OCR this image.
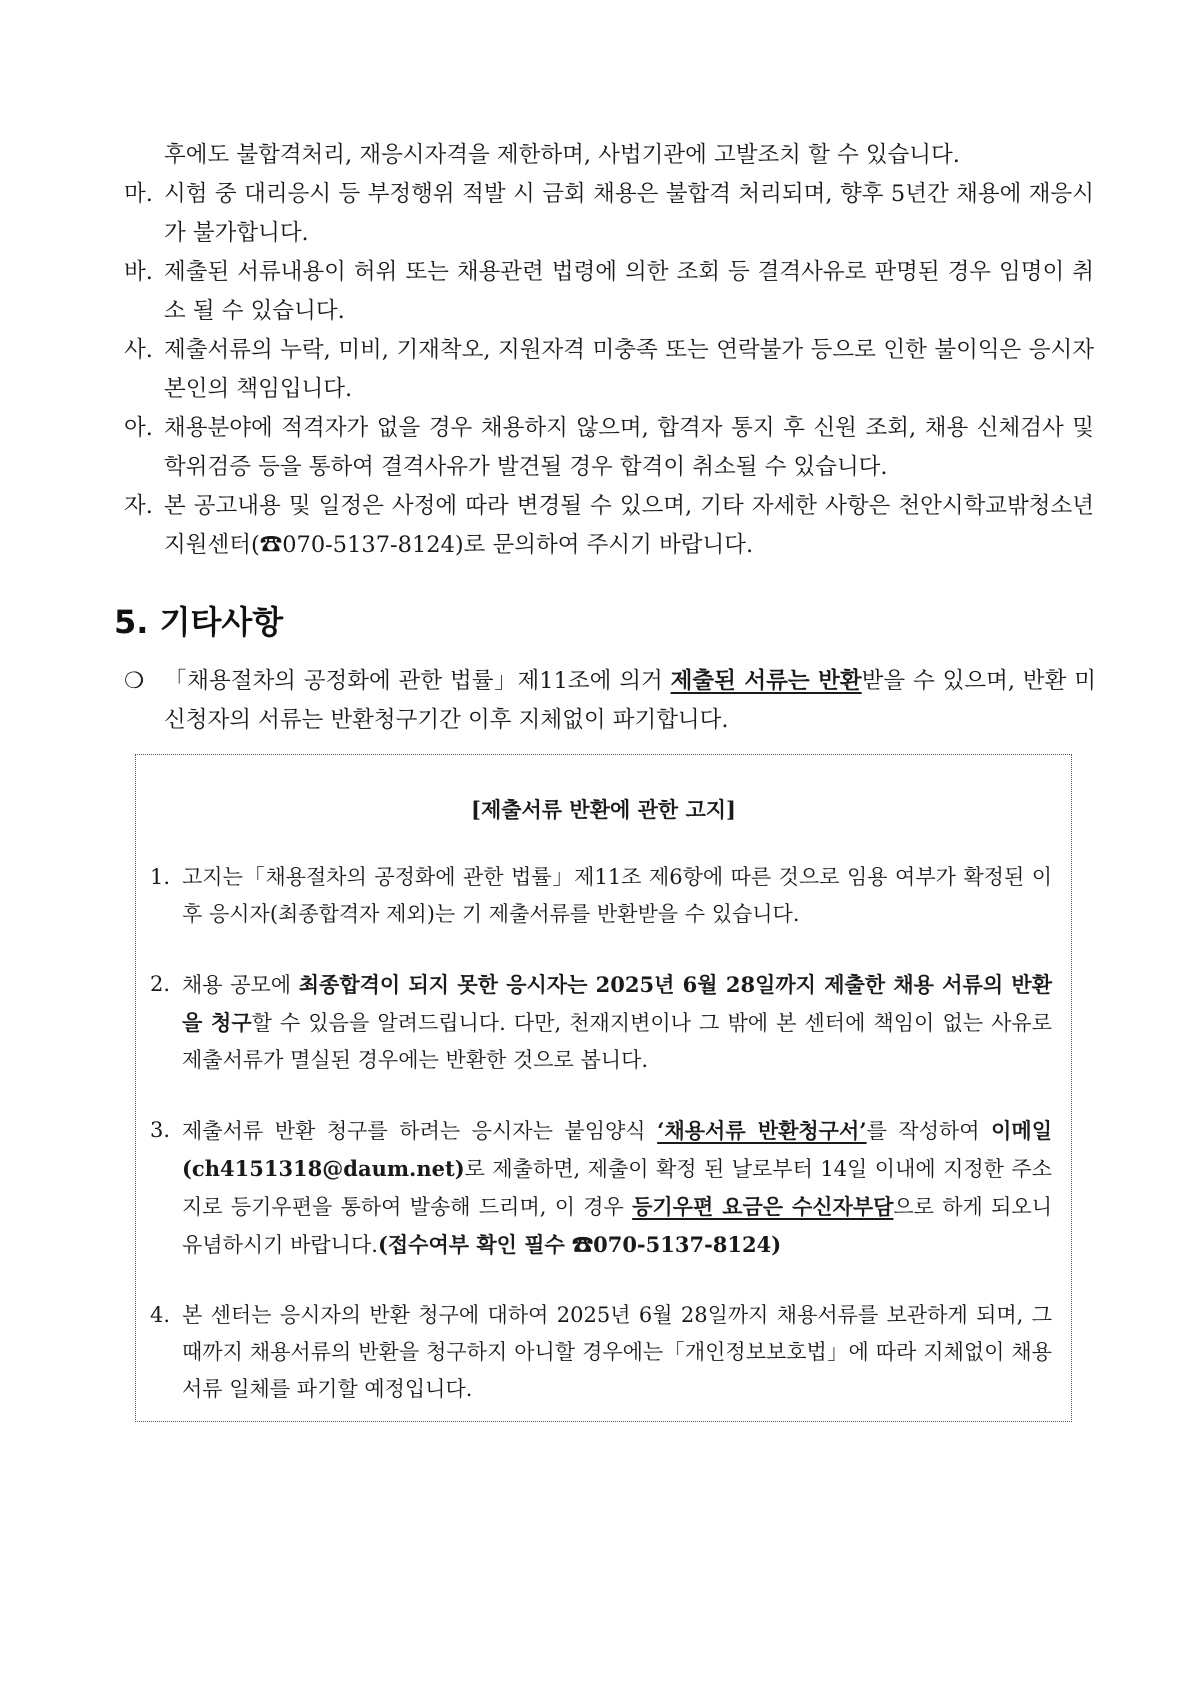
후에도 불합격처리, 재응시자격을 제한하며, 사법기관에 고발조치 할 수 있습니다.
마. 시험 중 대리응시 등 부정행위 적발 시 금회 채용은 불합격 처리되며, 향후 5년간 채용에 재응시가 불가합니다.
바. 제출된 서류내용이 허위 또는 채용관련 법령에 의한 조회 등 결격사유로 판명된 경우 임명이 취소 될 수 있습니다.
사. 제출서류의 누락, 미비, 기재착오, 지원자격 미충족 또는 연락불가 등으로 인한 불이익은 응시자 본인의 책임입니다.
아. 채용분야에 적격자가 없을 경우 채용하지 않으며, 합격자 통지 후 신원 조회, 채용 신체검사 및 학위검증 등을 통하여 결격사유가 발견될 경우 합격이 취소될 수 있습니다.
자. 본 공고내용 및 일정은 사정에 따라 변경될 수 있으며, 기타 자세한 사항은 천안시학교밖청소년지원센터(☎070-5137-8124)로 문의하여 주시기 바랍니다.
5. 기타사항
❍ 「채용절차의 공정화에 관한 법률」제11조에 의거 제출된 서류는 반환받을 수 있으며, 반환 미신청자의 서류는 반환청구기간 이후 지체없이 파기합니다.
[제출서류 반환에 관한 고지]
1. 고지는「채용절차의 공정화에 관한 법률」제11조 제6항에 따른 것으로 임용 여부가 확정된 이후 응시자(최종합격자 제외)는 기 제출서류를 반환받을 수 있습니다.
2. 채용 공모에 최종합격이 되지 못한 응시자는 2025년 6월 28일까지 제출한 채용 서류의 반환을 청구할 수 있음을 알려드립니다. 다만, 천재지변이나 그 밖에 본 센터에 책임이 없는 사유로 제출서류가 멸실된 경우에는 반환한 것으로 봅니다.
3. 제출서류 반환 청구를 하려는 응시자는 붙임양식 ‘채용서류 반환청구서’를 작성하여 이메일 (ch4151318@daum.net)로 제출하면, 제출이 확정 된 날로부터 14일 이내에 지정한 주소지로 등기우편을 통하여 발송해 드리며, 이 경우 등기우편 요금은 수신자부담으로 하게 되오니 유념하시기 바랍니다.(접수여부 확인 필수 ☎070-5137-8124)
4. 본 센터는 응시자의 반환 청구에 대하여 2025년 6월 28일까지 채용서류를 보관하게 되며, 그때까지 채용서류의 반환을 청구하지 아니할 경우에는「개인정보보호법」에 따라 지체없이 채용서류 일체를 파기할 예정입니다.
